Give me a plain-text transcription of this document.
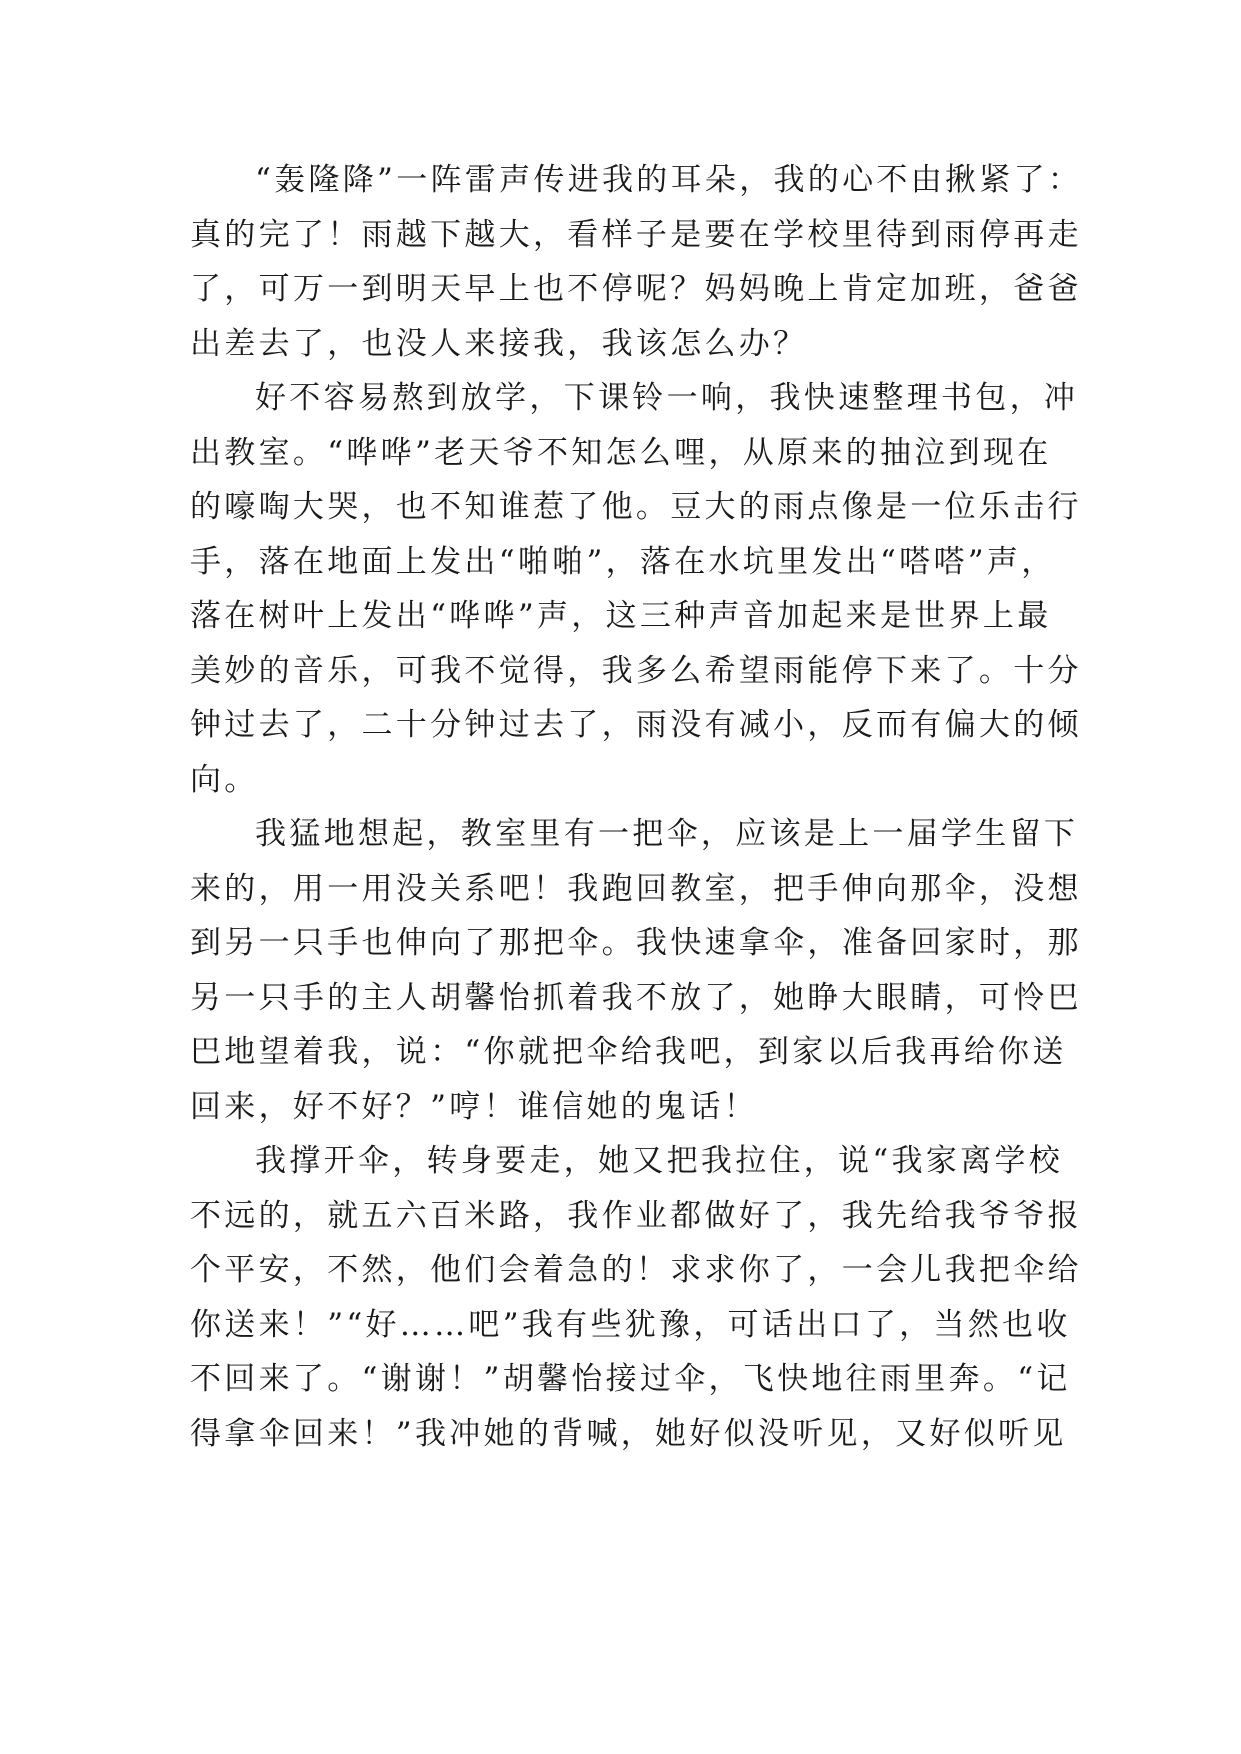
“轰隆降”一阵雷声传进我的耳朵，我的心不由揪紧了：
真的完了！雨越下越大，看样子是要在学校里待到雨停再走
了，可万一到明天早上也不停呢？妈妈晚上肯定加班，爸爸
出差去了，也没人来接我，我该怎么办？
好不容易熬到放学，下课铃一响，我快速整理书包，冲
出教室。“哗哗”老天爷不知怎么哩，从原来的抽泣到现在
的嚎啕大哭，也不知谁惹了他。豆大的雨点像是一位乐击行
手，落在地面上发出“啪啪”，落在水坑里发出“嗒嗒”声，
落在树叶上发出“哗哗”声，这三种声音加起来是世界上最
美妙的音乐，可我不觉得，我多么希望雨能停下来了。十分
钟过去了，二十分钟过去了，雨没有减小，反而有偏大的倾
向。
我猛地想起，教室里有一把伞，应该是上一届学生留下
来的，用一用没关系吧！我跑回教室，把手伸向那伞，没想
到另一只手也伸向了那把伞。我快速拿伞，准备回家时，那
另一只手的主人胡馨怡抓着我不放了，她睁大眼睛，可怜巴
巴地望着我，说：“你就把伞给我吧，到家以后我再给你送
回来，好不好？”哼！谁信她的鬼话！
我撑开伞，转身要走，她又把我拉住，说“我家离学校
不远的，就五六百米路，我作业都做好了，我先给我爷爷报
个平安，不然，他们会着急的！求求你了，一会儿我把伞给
你送来！”“好……吧”我有些犹豫，可话出口了，当然也收
不回来了。“谢谢！”胡馨怡接过伞，飞快地往雨里奔。“记
得拿伞回来！”我冲她的背喊，她好似没听见，又好似听见
